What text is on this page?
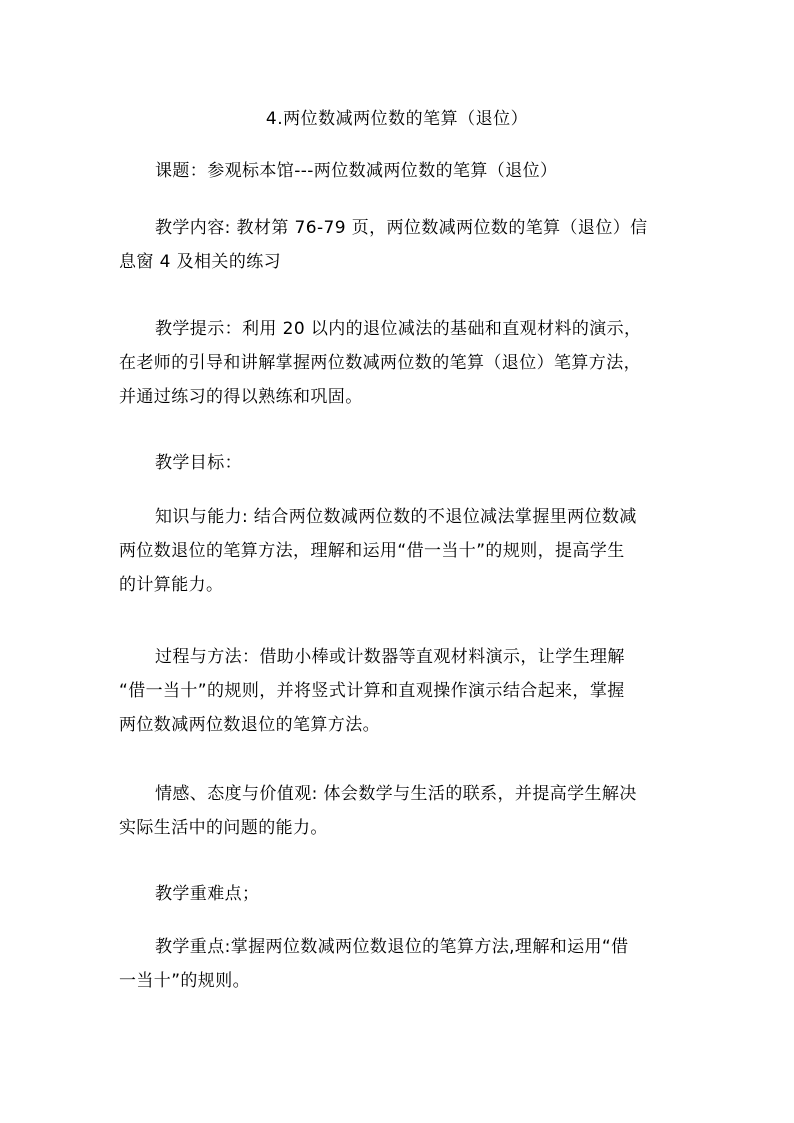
4.两位数减两位数的笔算（退位）
课题：参观标本馆---两位数减两位数的笔算（退位）
教学内容: 教材第 76-79 页，两位数减两位数的笔算（退位）信
息窗 4 及相关的练习
教学提示：利用 20 以内的退位减法的基础和直观材料的演示，
在老师的引导和讲解掌握两位数减两位数的笔算（退位）笔算方法，
并通过练习的得以熟练和巩固。
教学目标：
知识与能力: 结合两位数减两位数的不退位减法掌握里两位数减
两位数退位的笔算方法，理解和运用“借一当十”的规则，提高学生
的计算能力。
过程与方法：借助小棒或计数器等直观材料演示，让学生理解
“借一当十”的规则，并将竖式计算和直观操作演示结合起来，掌握
两位数减两位数退位的笔算方法。
情感、态度与价值观: 体会数学与生活的联系，并提高学生解决
实际生活中的问题的能力。
教学重难点；
教学重点:掌握两位数减两位数退位的笔算方法,理解和运用“借
一当十”的规则。
